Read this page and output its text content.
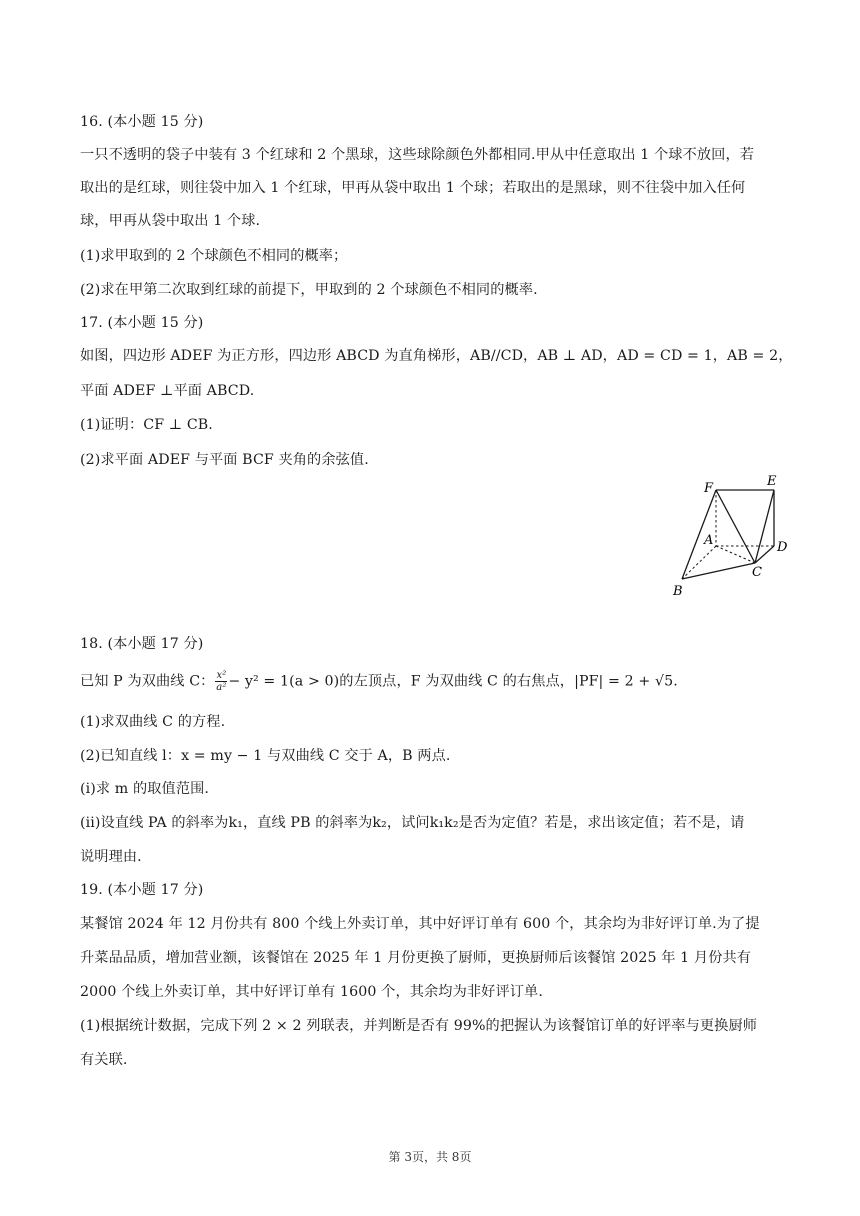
16. (本小题 15 分)
一只不透明的袋子中装有 3 个红球和 2 个黑球，这些球除颜色外都相同.甲从中任意取出 1 个球不放回，若
取出的是红球，则往袋中加入 1 个红球，甲再从袋中取出 1 个球；若取出的是黑球，则不往袋中加入任何
球，甲再从袋中取出 1 个球.
(1)求甲取到的 2 个球颜色不相同的概率；
(2)求在甲第二次取到红球的前提下，甲取到的 2 个球颜色不相同的概率.
17. (本小题 15 分)
如图，四边形 ADEF 为正方形，四边形 ABCD 为直角梯形，AB//CD，AB ⊥ AD，AD = CD = 1，AB = 2，
平面 ADEF ⊥平面 ABCD.
(1)证明：CF ⊥ CB.
(2)求平面 ADEF 与平面 BCF 夹角的余弦值.
F	E
A	D
C
B
18. (本小题 17 分)
已知 P 为双曲线 C： $\frac{\text{x²}}{\text{a²}} - y^2 = 1(a > 0)$的左顶点，F 为双曲线 C 的右焦点，|PF| = 2 + √5.
(1)求双曲线 C 的方程.
(2)已知直线 l：x = my − 1 与双曲线 C 交于 A，B 两点.
(i)求 m 的取值范围.
(ii)设直线 PA 的斜率为k₁，直线 PB 的斜率为k₂，试问k₁k₂是否为定值？若是，求出该定值；若不是，请
说明理由.
19. (本小题 17 分)
某餐馆 2024 年 12 月份共有 800 个线上外卖订单，其中好评订单有 600 个，其余均为非好评订单.为了提
升菜品品质，增加营业额，该餐馆在 2025 年 1 月份更换了厨师，更换厨师后该餐馆 2025 年 1 月份共有
2000 个线上外卖订单，其中好评订单有 1600 个，其余均为非好评订单.
(1)根据统计数据，完成下列 2 × 2 列联表，并判断是否有 99%的把握认为该餐馆订单的好评率与更换厨师
有关联.
第 3页，共 8页
